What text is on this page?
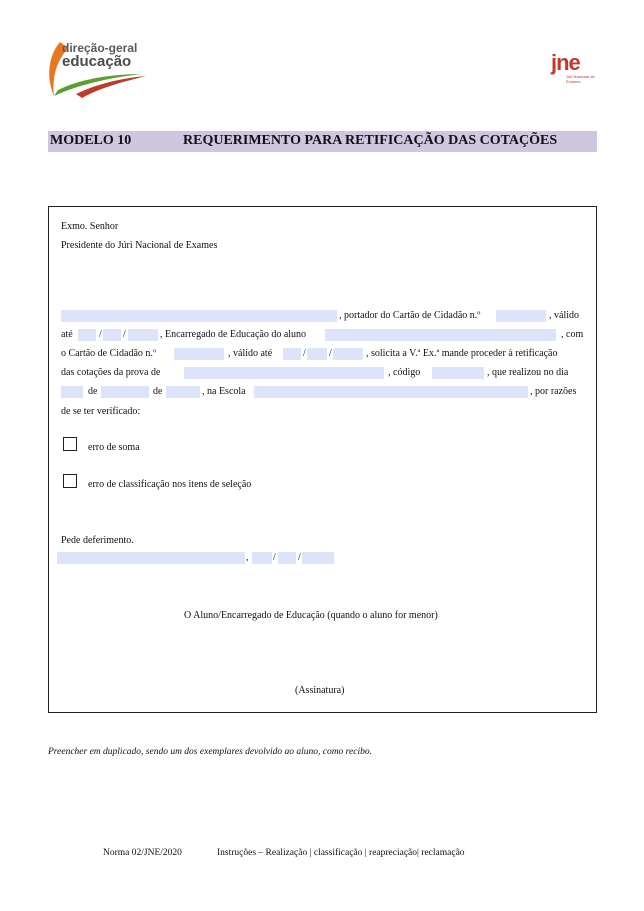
direção-geral
educação	jne
Júri Nacional de Exames
MODELO 10	REQUERIMENTO PARA RETIFICAÇÃO DAS COTAÇÕES
Exmo. Senhor
Presidente do Júri Nacional de Exames
, portador do Cartão de Cidadão n.º	, válido
até	/ /	, Encarregado de Educação do aluno	, com
o Cartão de Cidadão n.º	, válido até	/ /	, solicita a V.ª Ex.ª mande proceder à retificação
das cotações da prova de	, código	, que realizou no dia
de	de	, na Escola	, por razões
de se ter verificado:
erro de soma
erro de classificação nos itens de seleção
Pede deferimento.
, / /
O Aluno/Encarregado de Educação (quando o aluno for menor)
(Assinatura)
Preencher em duplicado, sendo um dos exemplares devolvido ao aluno, como recibo.
Norma 02/JNE/2020	Instruções – Realização | classificação | reapreciação| reclamação
